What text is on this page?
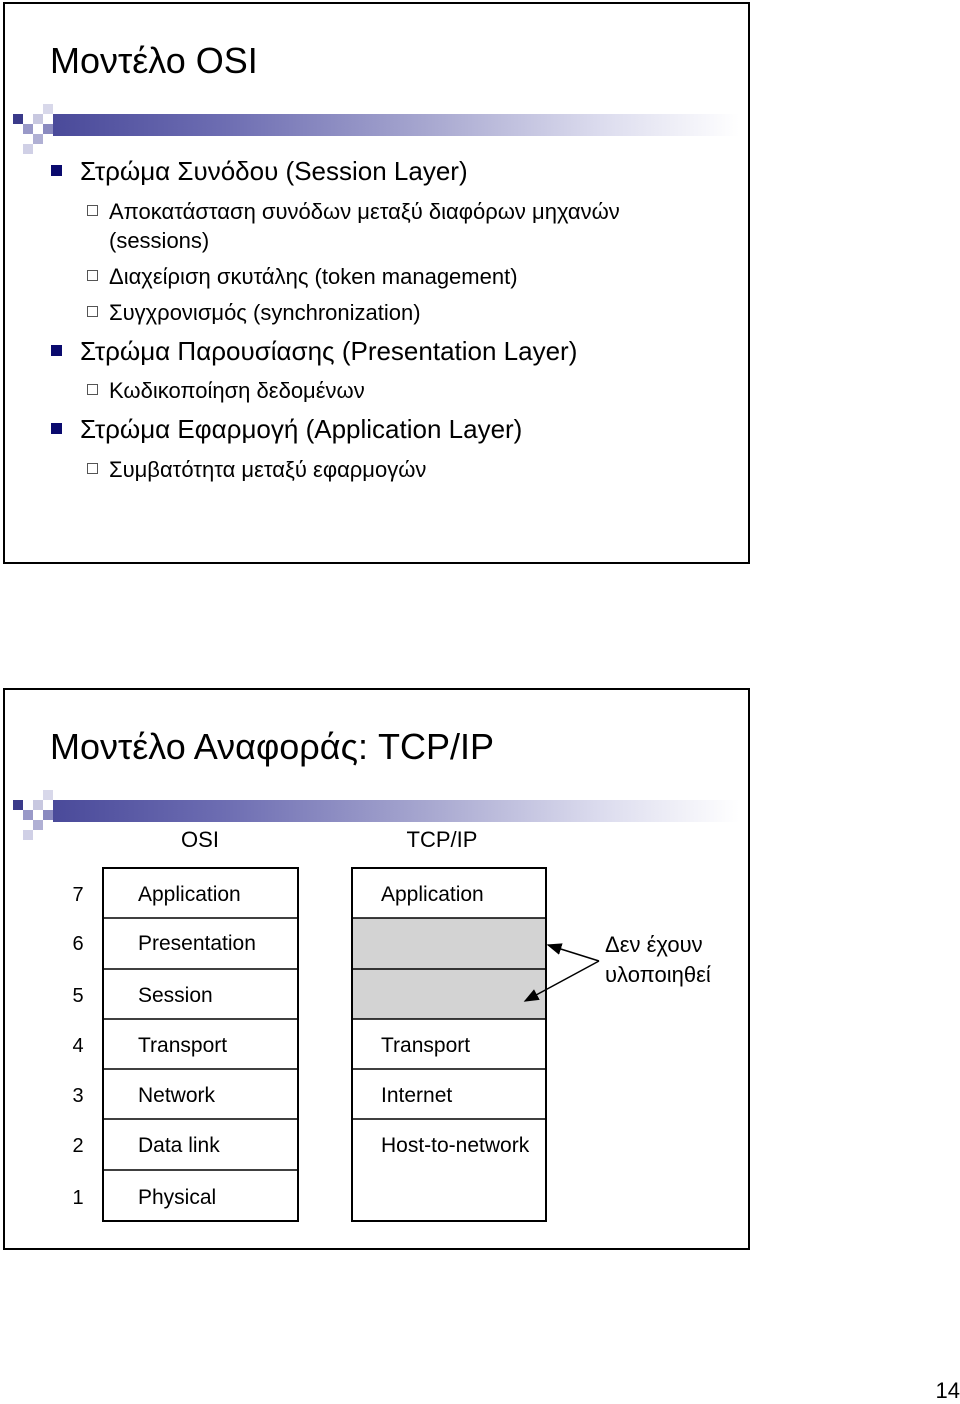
Μοντέλο OSI
Στρώμα Συνόδου (Session Layer)
Αποκατάσταση συνόδων μεταξύ διαφόρων μηχανών
(sessions)
Διαχείριση σκυτάλης (token management)
Συγχρονισμός (synchronization)
Στρώμα Παρουσίασης (Presentation Layer)
Κωδικοποίηση δεδομένων
Στρώμα Εφαρμογή (Application Layer)
Συμβατότητα μεταξύ εφαρμογών
Μοντέλο Αναφοράς: TCP/IP
OSI	TCP/IP
7
6
5
4
3
2
1
Application
Presentation
Session
Transport
Network
Data link
Physical
Application
Transport
Internet
Host-to-network
Δεν έχουν
υλοποιηθεί
14
